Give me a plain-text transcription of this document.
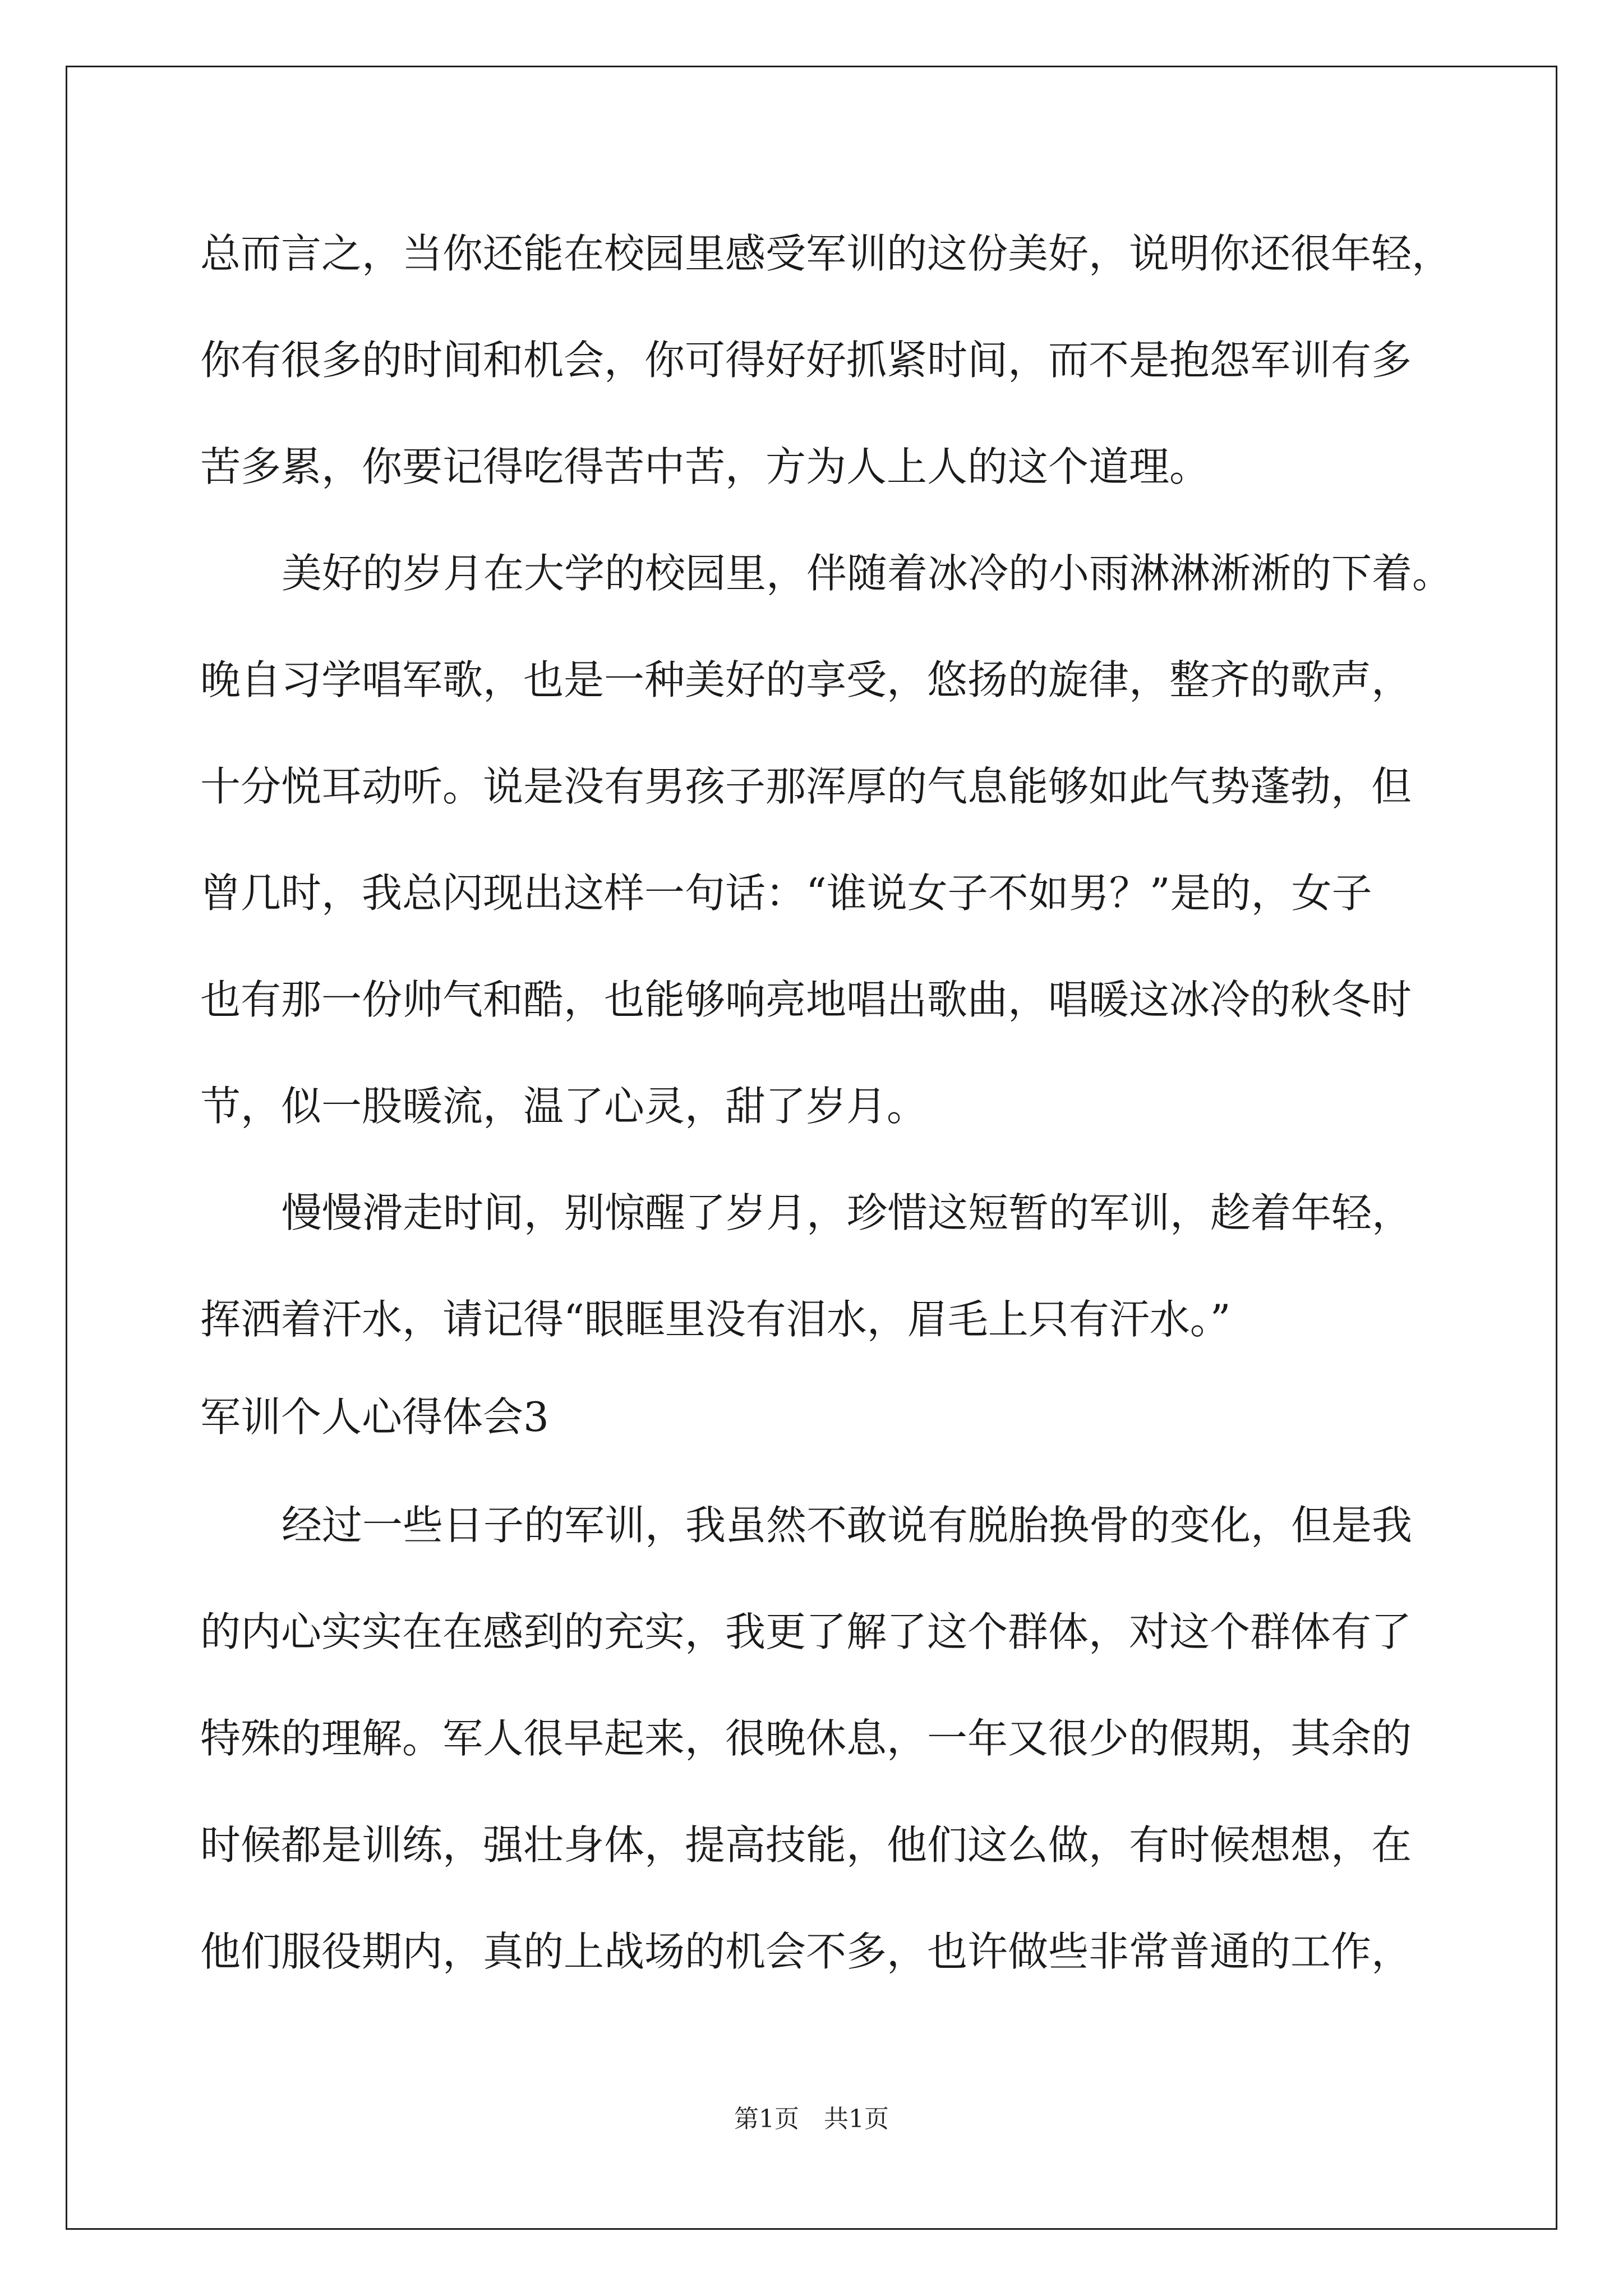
总而言之，当你还能在校园里感受军训的这份美好，说明你还很年轻，
你有很多的时间和机会，你可得好好抓紧时间，而不是抱怨军训有多
苦多累，你要记得吃得苦中苦，方为人上人的这个道理。
美好的岁月在大学的校园里，伴随着冰冷的小雨淋淋淅淅的下着。
晚自习学唱军歌，也是一种美好的享受，悠扬的旋律，整齐的歌声，
十分悦耳动听。说是没有男孩子那浑厚的气息能够如此气势蓬勃，但
曾几时，我总闪现出这样一句话：“谁说女子不如男？”是的，女子
也有那一份帅气和酷，也能够响亮地唱出歌曲，唱暖这冰冷的秋冬时
节，似一股暖流，温了心灵，甜了岁月。
慢慢滑走时间，别惊醒了岁月，珍惜这短暂的军训，趁着年轻，
挥洒着汗水，请记得“眼眶里没有泪水，眉毛上只有汗水。”
军训个人心得体会3
经过一些日子的军训，我虽然不敢说有脱胎换骨的变化，但是我
的内心实实在在感到的充实，我更了解了这个群体，对这个群体有了
特殊的理解。军人很早起来，很晚休息，一年又很少的假期，其余的
时候都是训练，强壮身体，提高技能，他们这么做，有时候想想，在
他们服役期内，真的上战场的机会不多，也许做些非常普通的工作，
第1页　共1页
